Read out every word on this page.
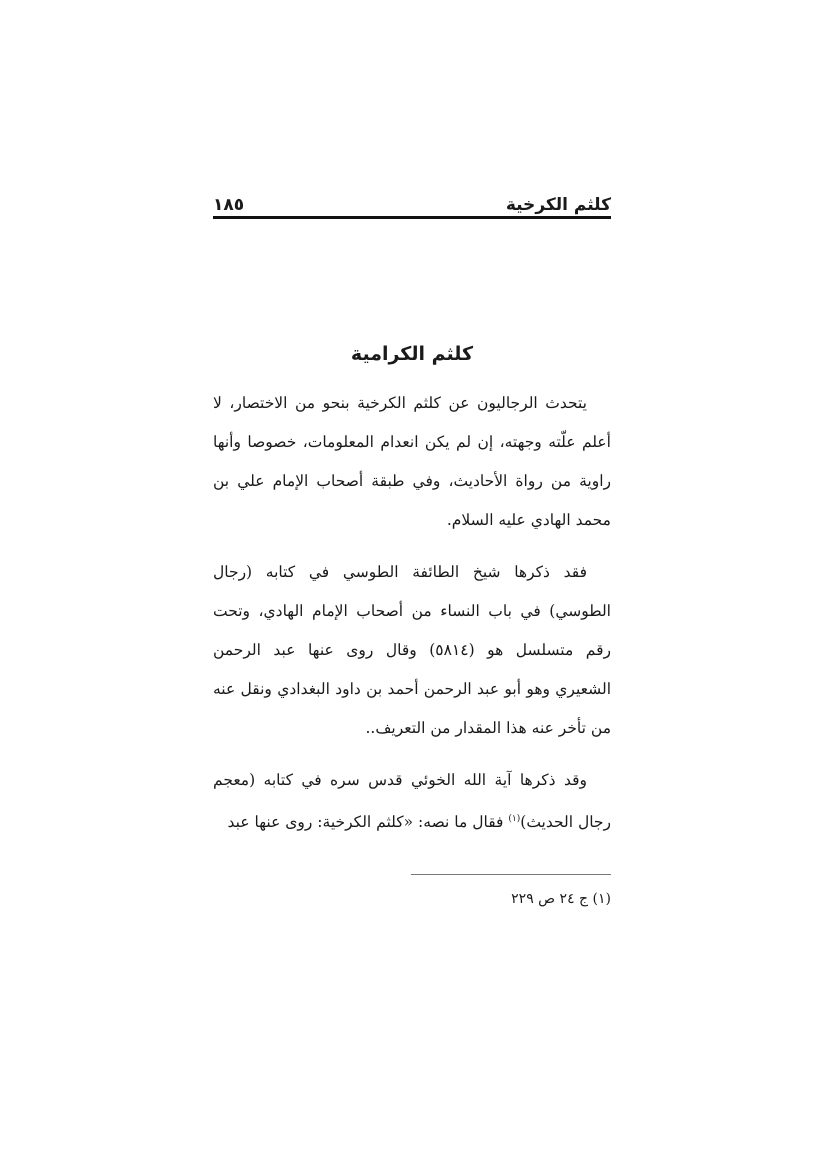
كلثم الكرخية
١٨٥
كلثم الكرامية

يتحدث الرجاليون عن كلثم الكرخية بنحو من الاختصار، لا أعلم علّته وجهته، إن لم يكن انعدام المعلومات، خصوصا وأنها راوية من رواة الأحاديث، وفي طبقة أصحاب الإمام علي بن محمد الهادي عليه السلام.

فقد ذكرها شيخ الطائفة الطوسي في كتابه (رجال الطوسي) في باب النساء من أصحاب الإمام الهادي، وتحت رقم متسلسل هو (٥٨١٤) وقال روى عنها عبد الرحمن الشعيري وهو أبو عبد الرحمن أحمد بن داود البغدادي ونقل عنه من تأخر عنه هذا المقدار من التعريف..

وقد ذكرها آية الله الخوئي قدس سره في كتابه (معجم رجال الحديث)$^{(١)}$ فقال ما نصه: «كلثم الكرخية: روى عنها عبد

(١) ج ٢٤ ص ٢٢٩
